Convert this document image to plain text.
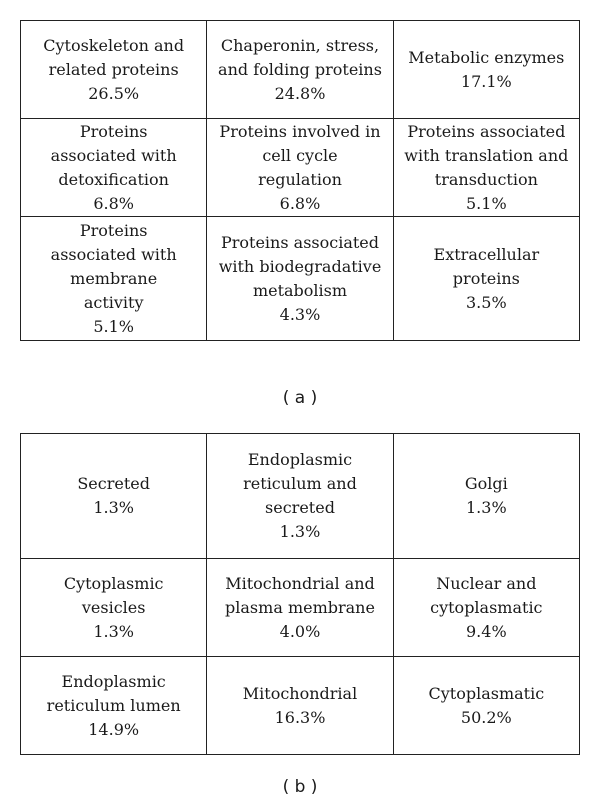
Cytoskeleton and
related proteins
26.5%	Chaperonin, stress,
and folding proteins
24.8%	Metabolic enzymes
17.1%

Proteins
associated with
detoxification
6.8%	Proteins involved in
cell cycle
regulation
6.8%	Proteins associated
with translation and
transduction
5.1%

Proteins
associated with
membrane
activity
5.1%	Proteins associated
with biodegradative
metabolism
4.3%	Extracellular
proteins
3.5%
( a )
Secreted
1.3%	Endoplasmic
reticulum and
secreted
1.3%	Golgi
1.3%

Cytoplasmic
vesicles
1.3%	Mitochondrial and
plasma membrane
4.0%	Nuclear and
cytoplasmatic
9.4%

Endoplasmic
reticulum lumen
14.9%	Mitochondrial
16.3%	Cytoplasmatic
50.2%
( b )
